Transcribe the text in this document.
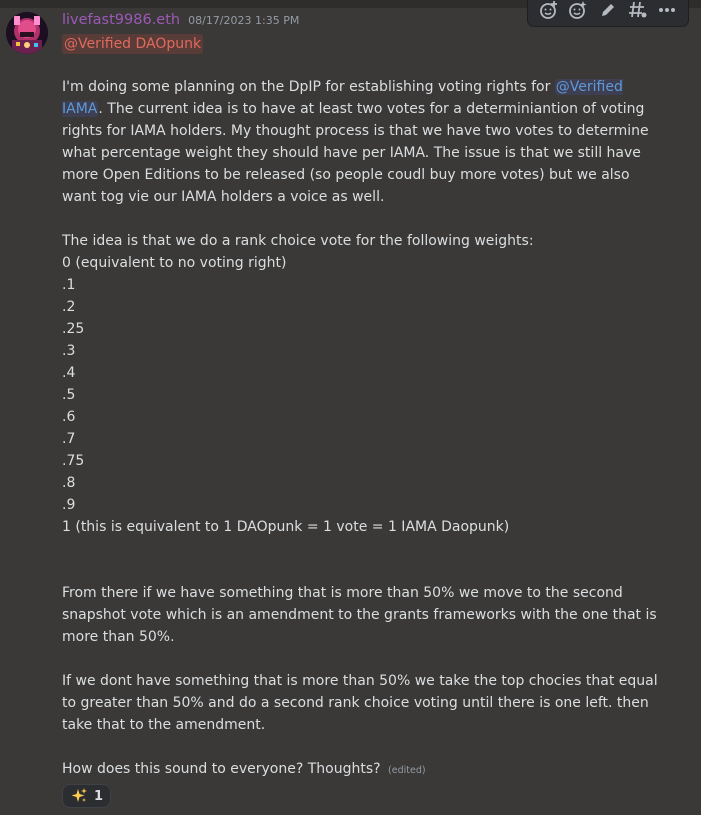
livefast9986.eth 08/17/2023 1:35 PM
@Verified DAOpunk

I'm doing some planning on the DpIP for establishing voting rights for @Verified IAMA. The current idea is to have at least two votes for a determiniantion of voting rights for IAMA holders. My thought process is that we have two votes to determine what percentage weight they should have per IAMA. The issue is that we still have more Open Editions to be released (so people coudl buy more votes) but we also want tog vie our IAMA holders a voice as well.

The idea is that we do a rank choice vote for the following weights:

0 (equivalent to no voting right)

.1

.2

.25

.3

.4

.5

.6

.7

.75

.8

.9

1 (this is equivalent to 1 DAOpunk = 1 vote = 1 IAMA Daopunk)

From there if we have something that is more than 50% we move to the second snapshot vote which is an amendment to the grants frameworks with the one that is more than 50%.

If we dont have something that is more than 50% we take the top chocies that equal to greater than 50% and do a second rank choice voting until there is one left. then take that to the amendment.

How does this sound to everyone? Thoughts? (edited)

1
